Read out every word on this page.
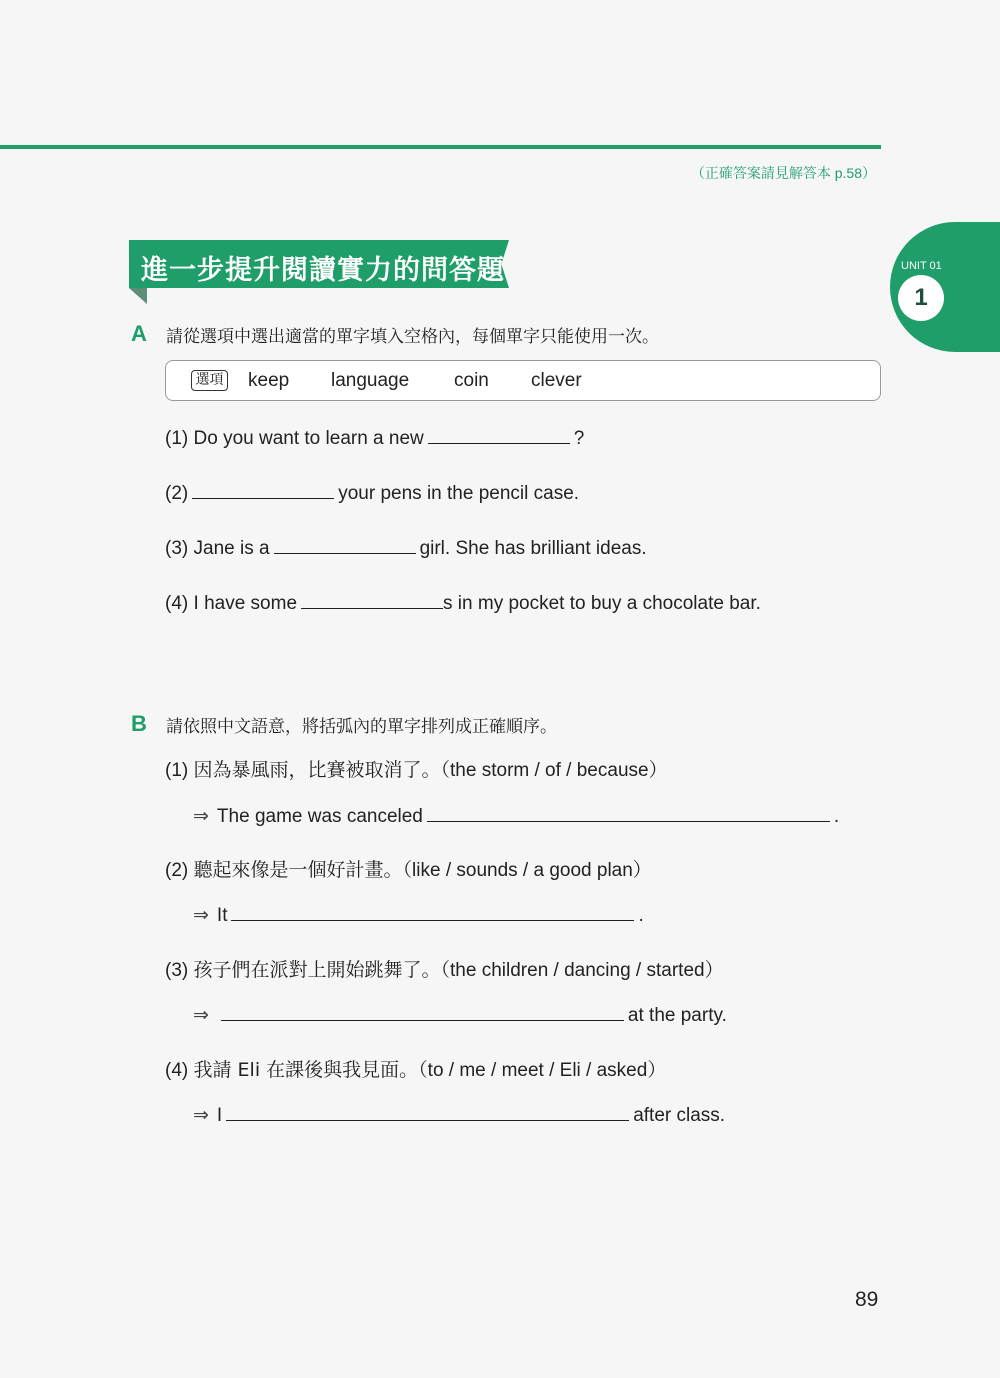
（正確答案請見解答本 p.58）
UNIT 01
1
進一步提升閱讀實力的問答題
A 請從選項中選出適當的單字填入空格內，每個單字只能使用一次。
選項 keep language coin clever
(1) Do you want to learn a new	?
(2)	your pens in the pencil case.
(3) Jane is a	girl. She has brilliant ideas.
(4) I have some	s in my pocket to buy a chocolate bar.
B 請依照中文語意，將括弧內的單字排列成正確順序。
(1) 因為暴風雨，比賽被取消了。（the storm / of / because）
⇒ The game was canceled	.
(2) 聽起來像是一個好計畫。（like / sounds / a good plan）
⇒ It	.
(3) 孩子們在派對上開始跳舞了。（the children / dancing / started）
⇒	at the party.
(4) 我請 Eli 在課後與我見面。（to / me / meet / Eli / asked）
⇒ I	after class.
89
